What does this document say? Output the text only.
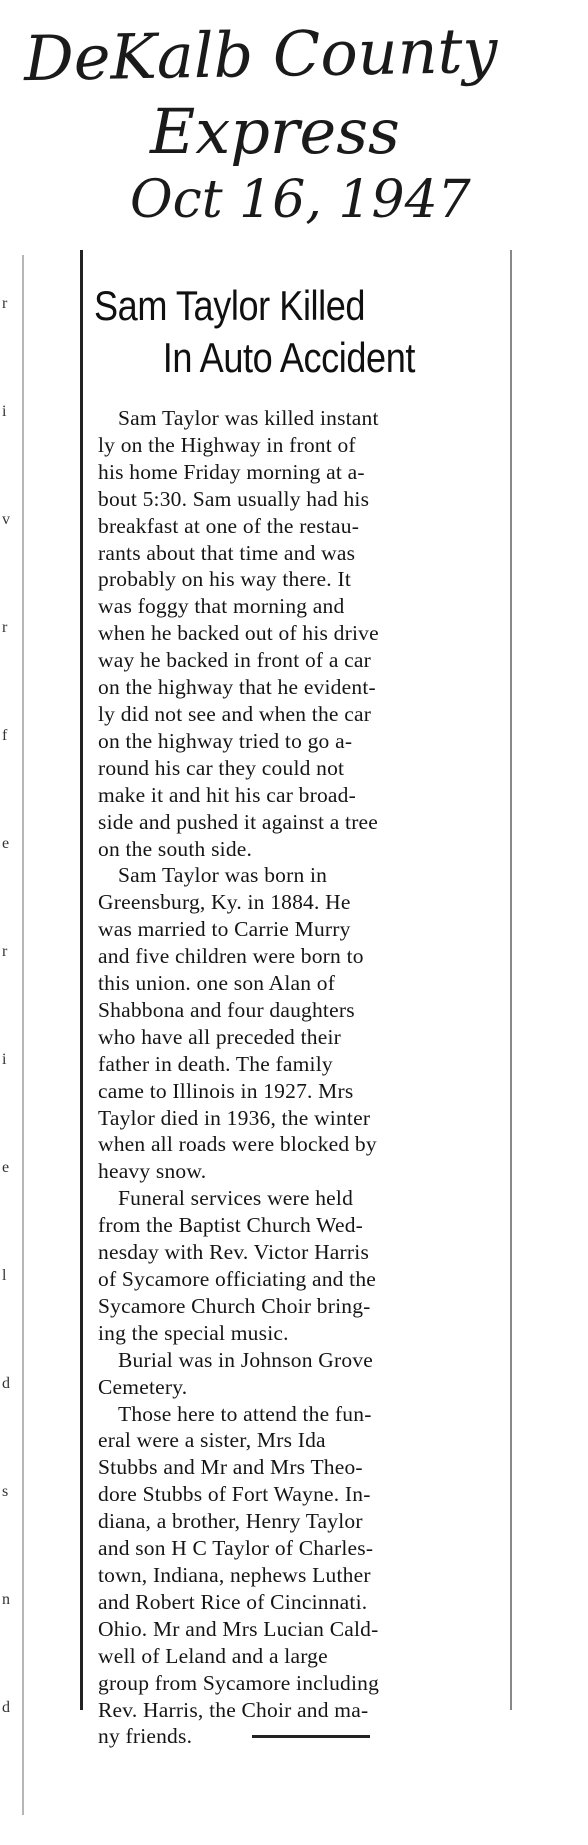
DeKalb County
Express
Oct 16, 1947
r
i
v
r
f
e
r
i
e
l
d
s
n
d
Sam Taylor Killed
In Auto Accident
Sam Taylor was killed instant
ly on the Highway in front of
his home Friday morning at a-
bout 5:30. Sam usually had his
breakfast at one of the restau-
rants about that time and was
probably on his way there. It
was foggy that morning and
when he backed out of his drive
way he backed in front of a car
on the highway that he evident-
ly did not see and when the car
on the highway tried to go a-
round his car they could not
make it and hit his car broad-
side and pushed it against a tree
on the south side.
Sam Taylor was born in
Greensburg, Ky. in 1884. He
was married to Carrie Murry
and five children were born to
this union. one son Alan of
Shabbona and four daughters
who have all preceded their
father in death. The family
came to Illinois in 1927. Mrs
Taylor died in 1936, the winter
when all roads were blocked by
heavy snow.
Funeral services were held
from the Baptist Church Wed-
nesday with Rev. Victor Harris
of Sycamore officiating and the
Sycamore Church Choir bring-
ing the special music.
Burial was in Johnson Grove
Cemetery.
Those here to attend the fun-
eral were a sister, Mrs Ida
Stubbs and Mr and Mrs Theo-
dore Stubbs of Fort Wayne. In-
diana, a brother, Henry Taylor
and son H C Taylor of Charles-
town, Indiana, nephews Luther
and Robert Rice of Cincinnati.
Ohio. Mr and Mrs Lucian Cald-
well of Leland and a large
group from Sycamore including
Rev. Harris, the Choir and ma-
ny friends.
